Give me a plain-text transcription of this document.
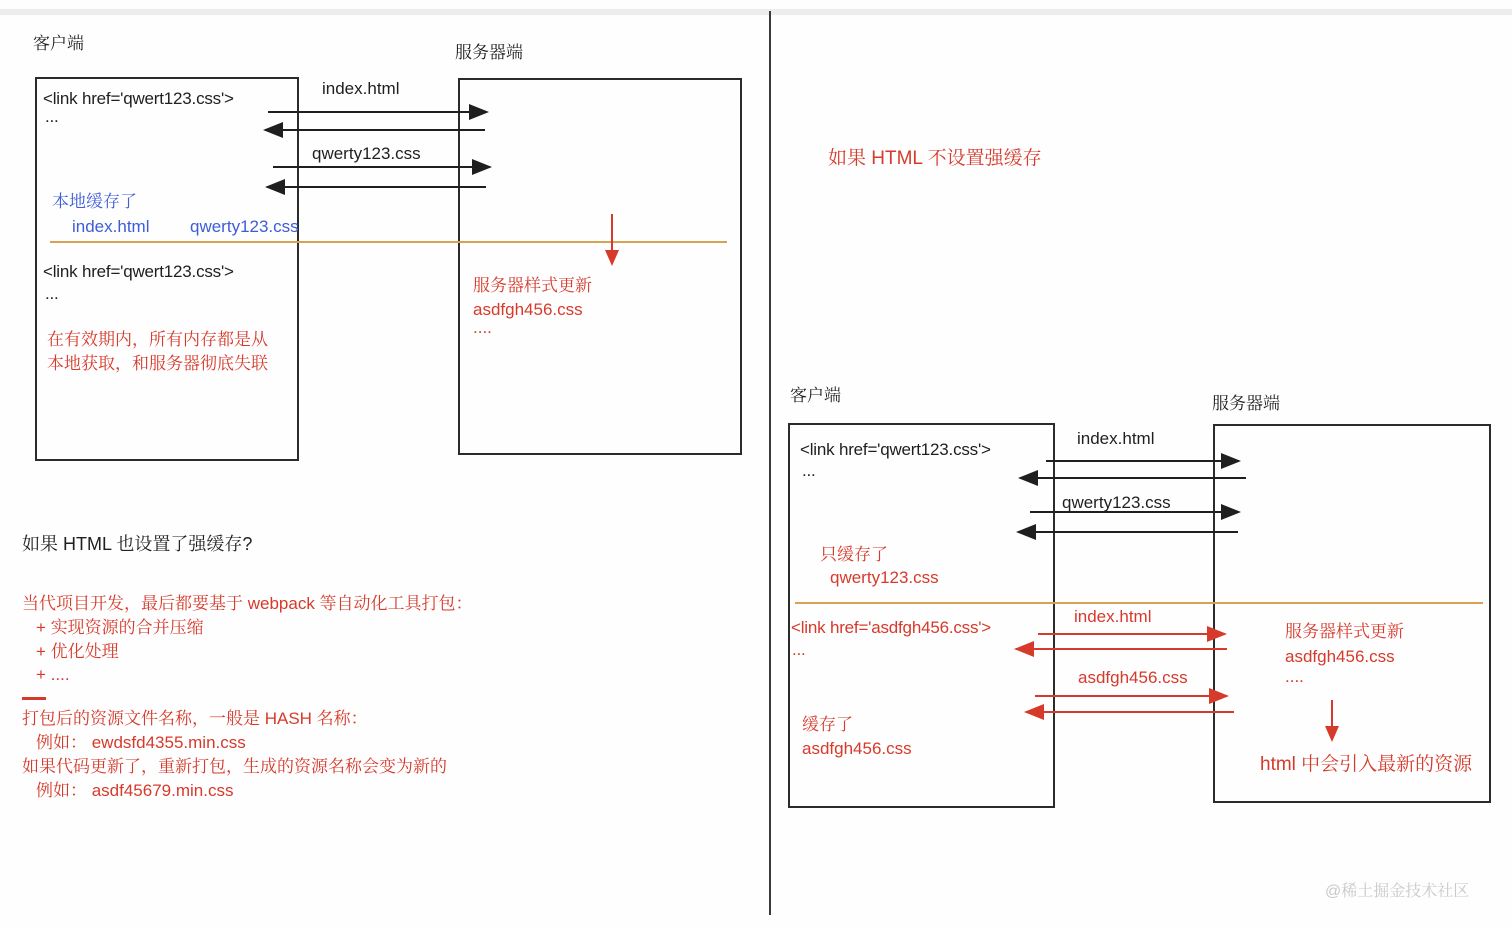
客户端	服务器端
<link href='qwert123.css'>
...
index.html
qwerty123.css
本地缓存了
index.html qwerty123.css
服务器样式更新
asdfgh456.css
....
<link href='qwert123.css'>
...
在有效期内，所有内存都是从
本地获取，和服务器彻底失联
如果 HTML 也设置了强缓存?
当代项目开发，最后都要基于 webpack 等自动化工具打包：
+ 实现资源的合并压缩
+ 优化处理
+ ....
打包后的资源文件名称，一般是 HASH 名称：
例如： ewdsfd4355.min.css
如果代码更新了，重新打包，生成的资源名称会变为新的
例如： asdf45679.min.css
如果 HTML 不设置强缓存
客户端	服务器端
<link href='qwert123.css'>
...
index.html
qwerty123.css
只缓存了
qwerty123.css
<link href='asdfgh456.css'>
...
index.html
asdfgh456.css
缓存了
asdfgh456.css
服务器样式更新
asdfgh456.css
....
html 中会引入最新的资源
@稀土掘金技术社区
